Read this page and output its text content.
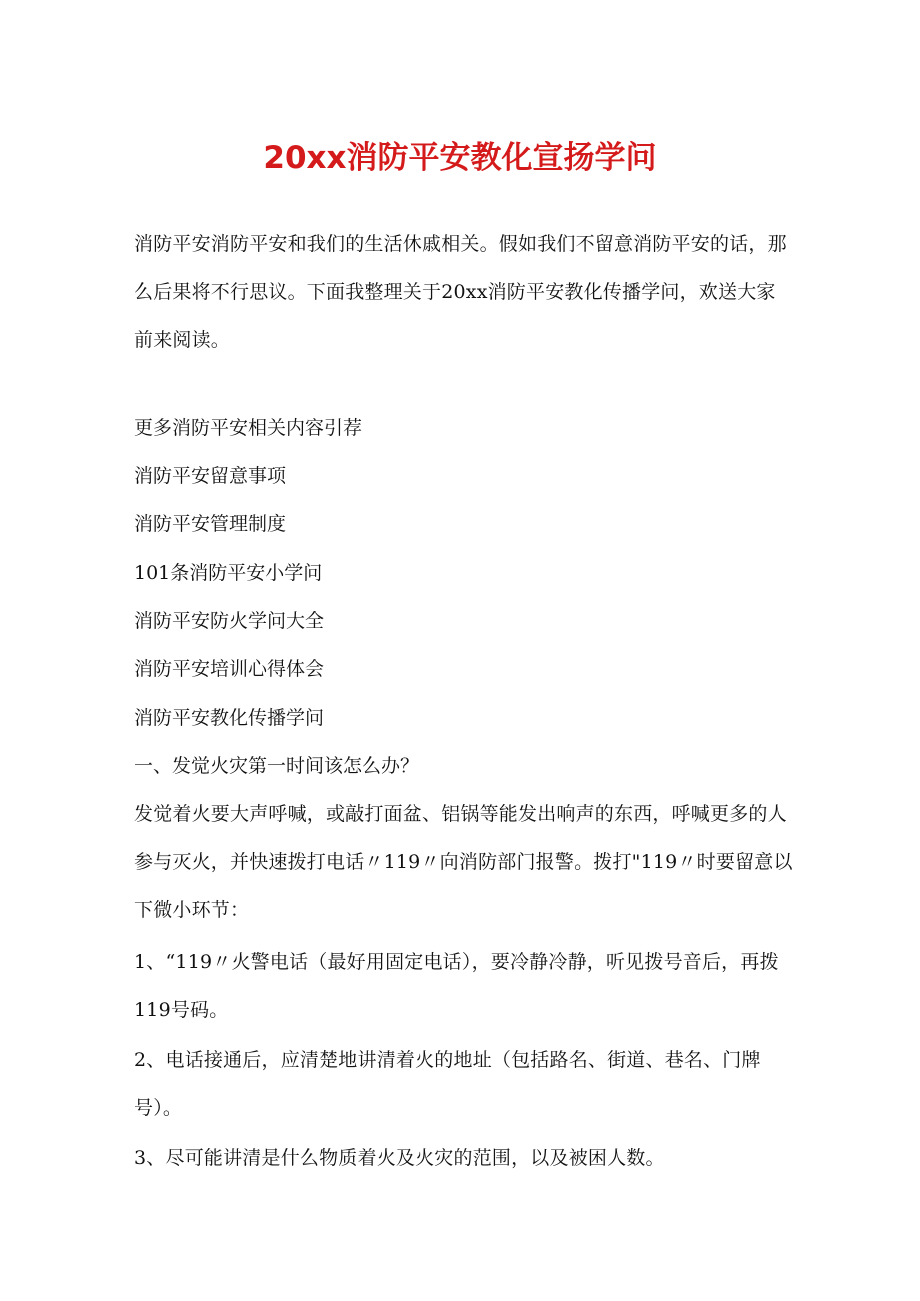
20xx消防平安教化宣扬学问

消防平安消防平安和我们的生活休戚相关。假如我们不留意消防平安的话，那么后果将不行思议。下面我整理关于20xx消防平安教化传播学问，欢送大家前来阅读。

更多消防平安相关内容引荐

消防平安留意事项

消防平安管理制度

101条消防平安小学问

消防平安防火学问大全

消防平安培训心得体会

消防平安教化传播学问

一、发觉火灾第一时间该怎么办？

发觉着火要大声呼喊，或敲打面盆、铝锅等能发出响声的东西，呼喊更多的人参与灭火，并快速拨打电话〃119〃向消防部门报警。拨打"119〃时要留意以下微小环节：

1、“119〃火警电话（最好用固定电话），要冷静冷静，听见拨号音后，再拨119号码。

2、电话接通后，应清楚地讲清着火的地址（包括路名、街道、巷名、门牌号）。

3、尽可能讲清是什么物质着火及火灾的范围，以及被困人数。
